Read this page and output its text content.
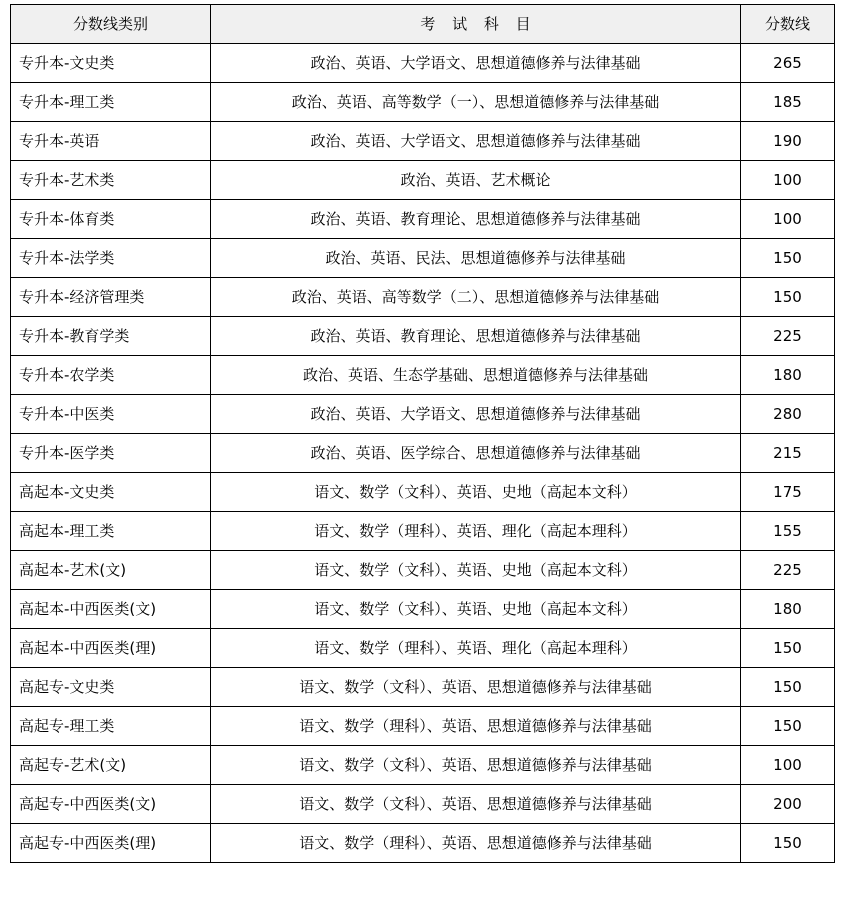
分数线类别	考 试 科 目	分数线
专升本-文史类	政治、英语、大学语文、思想道德修养与法律基础	265
专升本-理工类	政治、英语、高等数学（一）、思想道德修养与法律基础	185
专升本-英语	政治、英语、大学语文、思想道德修养与法律基础	190
专升本-艺术类	政治、英语、艺术概论	100
专升本-体育类	政治、英语、教育理论、思想道德修养与法律基础	100
专升本-法学类	政治、英语、民法、思想道德修养与法律基础	150
专升本-经济管理类	政治、英语、高等数学（二）、思想道德修养与法律基础	150
专升本-教育学类	政治、英语、教育理论、思想道德修养与法律基础	225
专升本-农学类	政治、英语、生态学基础、思想道德修养与法律基础	180
专升本-中医类	政治、英语、大学语文、思想道德修养与法律基础	280
专升本-医学类	政治、英语、医学综合、思想道德修养与法律基础	215
高起本-文史类	语文、数学（文科）、英语、史地（高起本文科）	175
高起本-理工类	语文、数学（理科）、英语、理化（高起本理科）	155
高起本-艺术(文)	语文、数学（文科）、英语、史地（高起本文科）	225
高起本-中西医类(文)	语文、数学（文科）、英语、史地（高起本文科）	180
高起本-中西医类(理)	语文、数学（理科）、英语、理化（高起本理科）	150
高起专-文史类	语文、数学（文科）、英语、思想道德修养与法律基础	150
高起专-理工类	语文、数学（理科）、英语、思想道德修养与法律基础	150
高起专-艺术(文)	语文、数学（文科）、英语、思想道德修养与法律基础	100
高起专-中西医类(文)	语文、数学（文科）、英语、思想道德修养与法律基础	200
高起专-中西医类(理)	语文、数学（理科）、英语、思想道德修养与法律基础	150
